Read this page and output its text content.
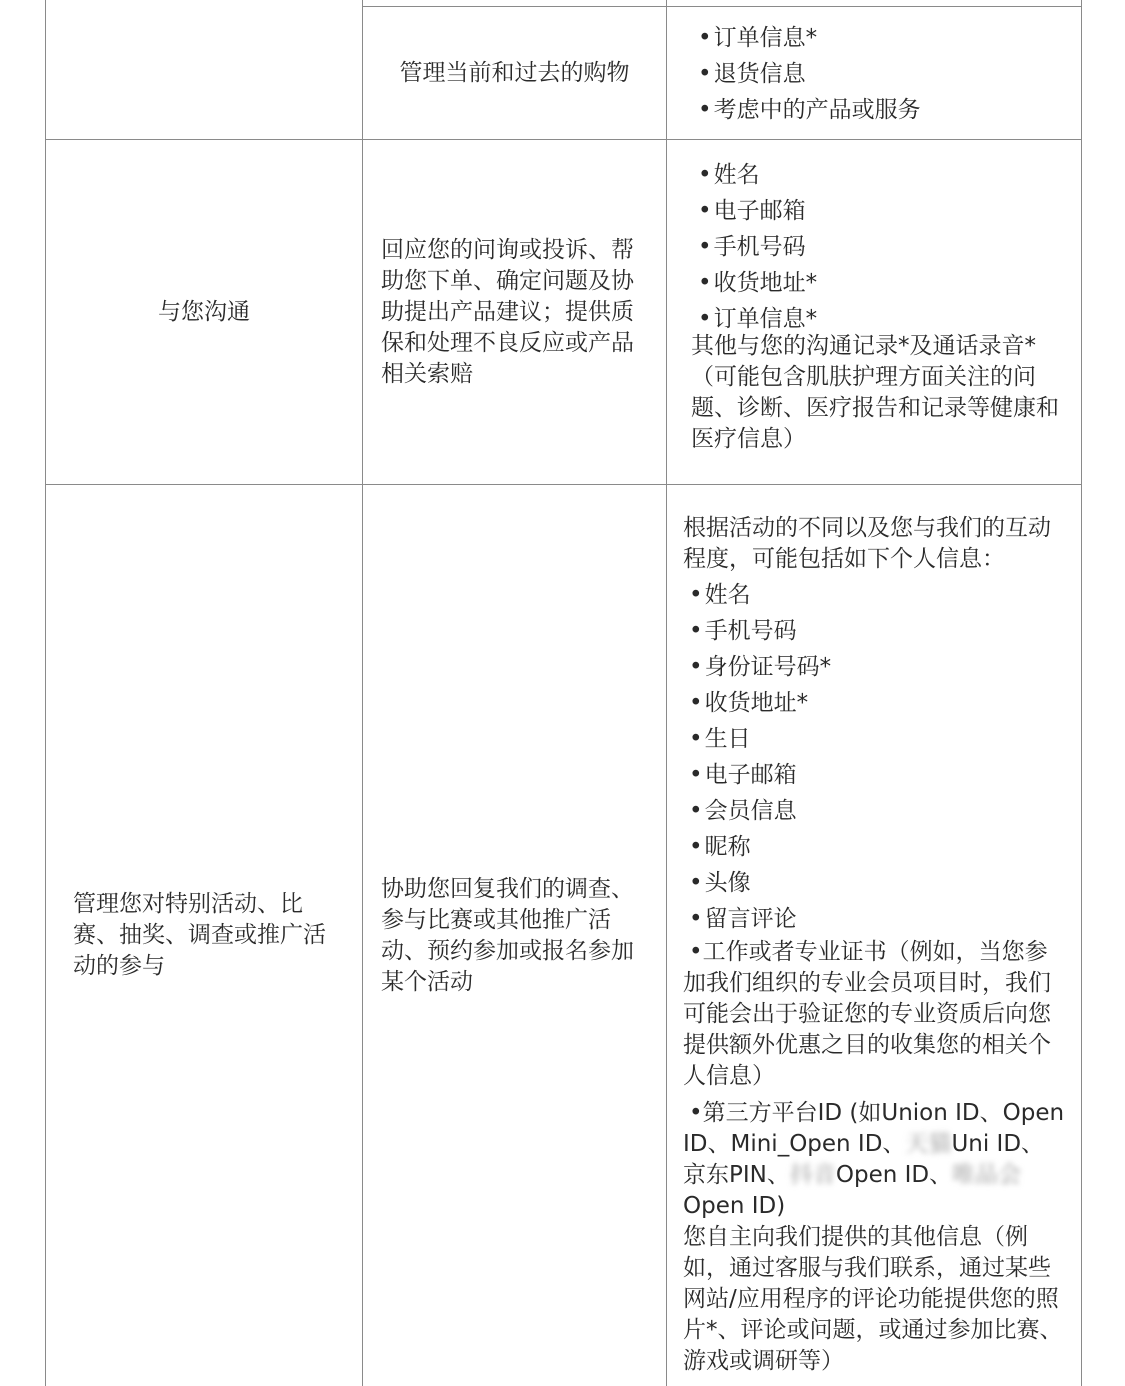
管理当前和过去的购物
• 订单信息*
• 退货信息
• 考虑中的产品或服务
与您沟通

回应您的问询或投诉、帮助您下单、确定问题及协助提出产品建议；提供质保和处理不良反应或产品相关索赔

• 姓名
• 电子邮箱
• 手机号码
• 收货地址*
• 订单信息*

其他与您的沟通记录*及通话录音*（可能包含肌肤护理方面关注的问题、诊断、医疗报告和记录等健康和医疗信息）

管理您对特别活动、比赛、抽奖、调查或推广活动的参与

协助您回复我们的调查、参与比赛或其他推广活动、预约参加或报名参加某个活动

根据活动的不同以及您与我们的互动程度，可能包括如下个人信息：

• 姓名
• 手机号码
• 身份证号码*
• 收货地址*
• 生日
• 电子邮箱
• 会员信息
• 昵称
• 头像
• 留言评论

•工作或者专业证书（例如，当您参加我们组织的专业会员项目时，我们可能会出于验证您的专业资质后向您提供额外优惠之目的收集您的相关个人信息）

•第三方平台ID (如Union ID、Open ID、Mini_Open ID、天猫Uni ID、京东PIN、抖音Open ID、唯品会Open ID)

您自主向我们提供的其他信息（例如，通过客服与我们联系，通过某些网站/应用程序的评论功能提供您的照片*、评论或问题，或通过参加比赛、游戏或调研等）
